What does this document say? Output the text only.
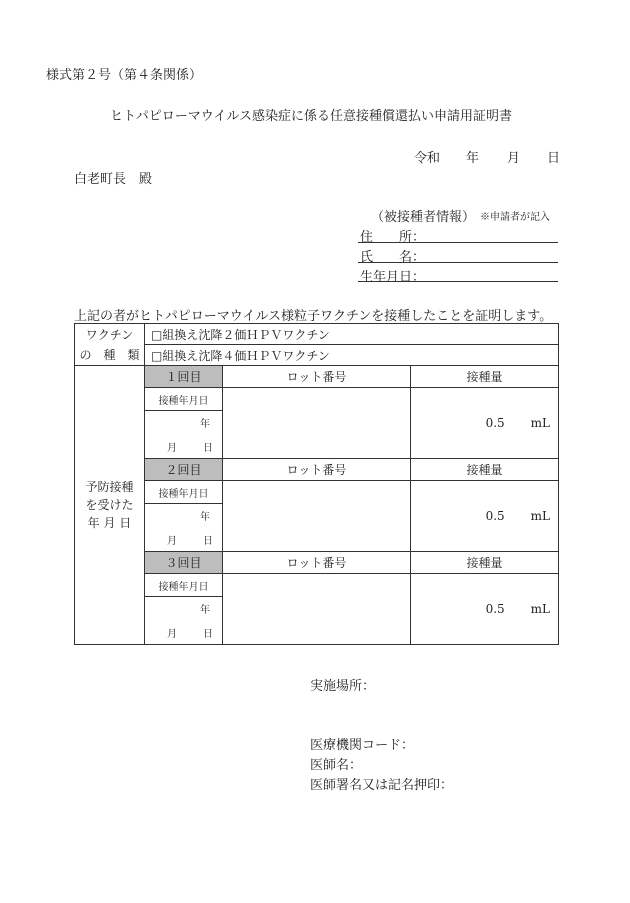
様式第２号（第４条関係）
ヒトパピローマウイルス感染症に係る任意接種償還払い申請用証明書
令和 年 月 日
白老町長　殿
（被接種者情報） ※申請者が記入
住　　所：
氏　　名：
生年月日：
上記の者がヒトパピローマウイルス様粒子ワクチンを接種したことを証明します。
ワクチン	□組換え沈降２価ＨＰＶワクチン		
の　種　類	□組換え沈降４価ＨＰＶワクチン		

予防接種
を受けた
年 月 日	１回目	ロット番号	接種量
	接種年月日		0.5 mL
	年		
	月 日		
	２回目	ロット番号	接種量
	接種年月日		0.5 mL
	年		
	月 日		
	３回目	ロット番号	接種量
	接種年月日		0.5 mL
	年		
	月 日		
実施場所：
医療機関コード：
医師名：
医師署名又は記名押印：
